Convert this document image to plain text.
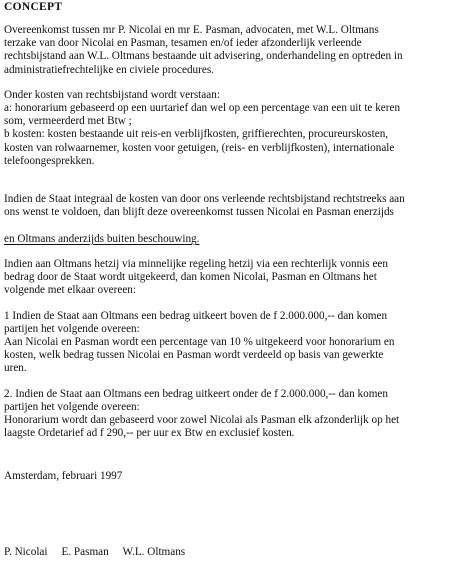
CONCEPT
Overeenkomst tussen mr P. Nicolai en mr E. Pasman, advocaten, met W.L. Oltmans
terzake van door Nicolai en Pasman, tesamen en/of ieder afzonderlijk verleende
rechtsbijstand aan W.L. Oltmans bestaande uit advisering, onderhandeling en optreden in
administratiefrechtelijke en civiele procedures.
Onder kosten van rechtsbijstand wordt verstaan:
a: honorarium gebaseerd op een uurtarief dan wel op een percentage van een uit te keren
som, vermeerderd met Btw ;
b kosten: kosten bestaande uit reis-en verblijfkosten, griffierechten, procureurskosten,
kosten van rolwaarnemer, kosten voor getuigen, (reis- en verblijfkosten), internationale
telefoongesprekken.

Indien de Staat integraal de kosten van door ons verleende rechtsbijstand rechtstreeks aan
ons wenst te voldoen, dan blijft deze overeenkomst tussen Nicolai en Pasman enerzijds

en Oltmans anderzijds buiten beschouwing.

Indien aan Oltmans hetzij via minnelijke regeling hetzij via een rechterlijk vonnis een
bedrag door de Staat wordt uitgekeerd, dan komen Nicolai, Pasman en Oltmans het
volgende met elkaar overeen:
1 Indien de Staat aan Oltmans een bedrag uitkeert boven de f 2.000.000,-- dan komen
partijen het volgende overeen:
Aan Nicolai en Pasman wordt een percentage van 10 % uitgekeerd voor honorarium en
kosten, welk bedrag tussen Nicolai en Pasman wordt verdeeld op basis van gewerkte
uren.
2. Indien de Staat aan Oltmans een bedrag uitkeert onder de f 2.000.000,-- dan komen
partijen het volgende overeen:
Honorarium wordt dan gebaseerd voor zowel Nicolai als Pasman elk afzonderlijk op het
laagste Ordetarief ad f 290,-- per uur ex Btw en exclusief kosten.
Amsterdam, februari 1997
P. Nicolai     E. Pasman     W.L. Oltmans
